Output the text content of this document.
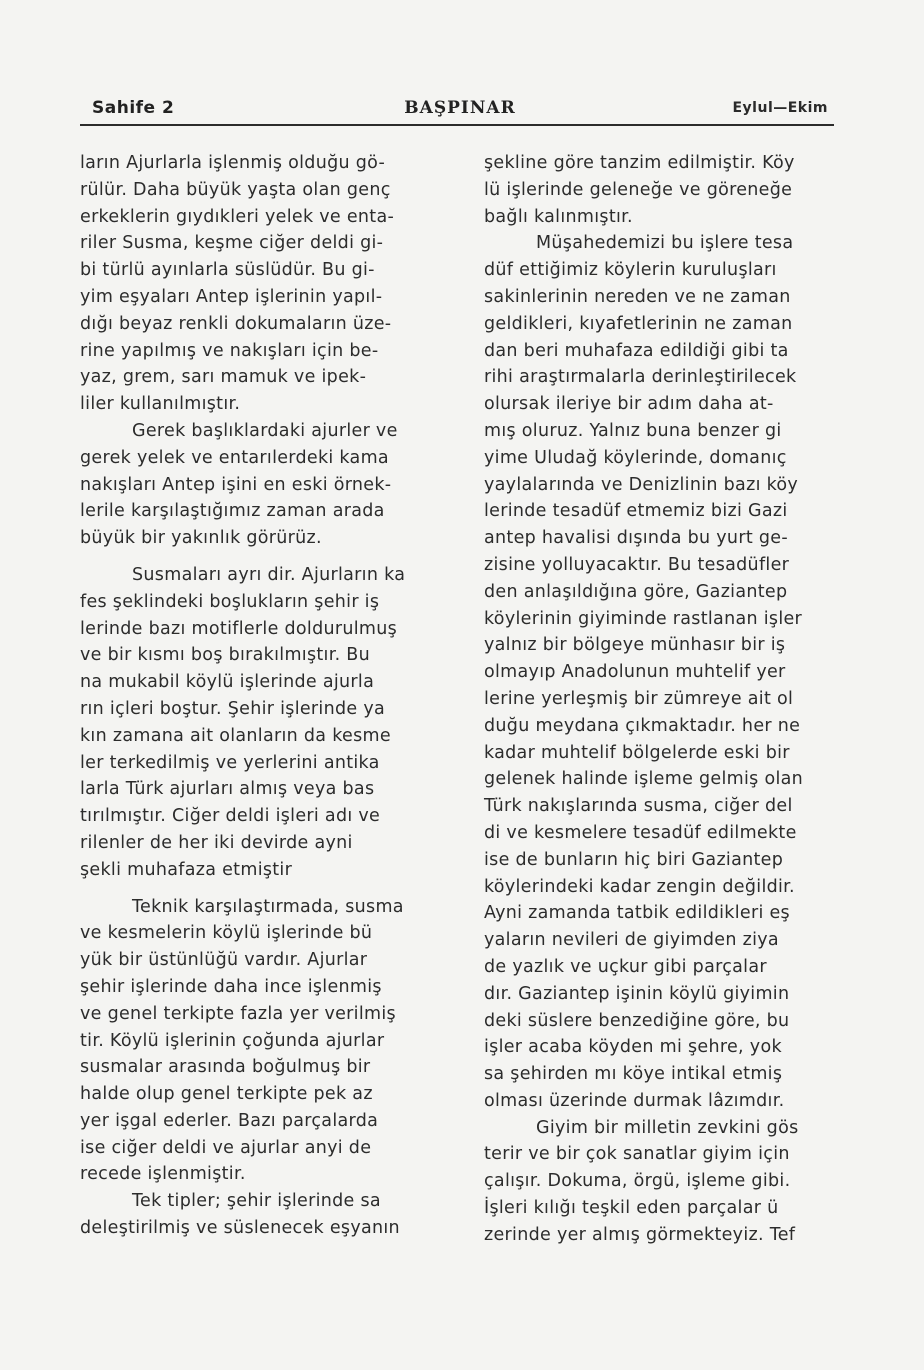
Sahife 2	BAŞPINAR	Eylul—Ekim
ların Ajurlarla işlenmiş olduğu gö-
rülür. Daha büyük yaşta olan genç
erkeklerin gıydıkleri yelek ve enta-
riler Susma, keşme ciğer deldi gi-
bi türlü ayınlarla süslüdür. Bu gi-
yim eşyaları Antep işlerinin yapıl-
dığı beyaz renkli dokumaların üze-
rine yapılmış ve nakışları için be-
yaz, grem, sarı mamuk ve ipek-
liler kullanılmıştır.
Gerek başlıklardaki ajurler ve
gerek yelek ve entarılerdeki kama
nakışları Antep işini en eski örnek-
lerile karşılaştığımız zaman arada
büyük bir yakınlık görürüz.
Susmaları ayrı dir. Ajurların ka
fes şeklindeki boşlukların şehir iş
lerinde bazı motiflerle doldurulmuş
ve bir kısmı boş bırakılmıştır. Bu
na mukabil köylü işlerinde ajurla
rın içleri boştur. Şehir işlerinde ya
kın zamana ait olanların da kesme
ler terkedilmiş ve yerlerini antika
larla Türk ajurları almış veya bas
tırılmıştır. Ciğer deldi işleri adı ve
rilenler de her iki devirde ayni
şekli muhafaza etmiştir
Teknik karşılaştırmada, susma
ve kesmelerin köylü işlerinde bü
yük bir üstünlüğü vardır. Ajurlar
şehir işlerinde daha ince işlenmiş
ve genel terkipte fazla yer verilmiş
tir. Köylü işlerinin çoğunda ajurlar
susmalar arasında boğulmuş bir
halde olup genel terkipte pek az
yer işgal ederler. Bazı parçalarda
ise ciğer deldi ve ajurlar anyi de
recede işlenmiştir.
Tek tipler; şehir işlerinde sa
deleştirilmiş ve süslenecek eşyanın
şekline göre tanzim edilmiştir. Köy
lü işlerinde geleneğe ve göreneğe
bağlı kalınmıştır.
Müşahedemizi bu işlere tesa
düf ettiğimiz köylerin kuruluşları
sakinlerinin nereden ve ne zaman
geldikleri, kıyafetlerinin ne zaman
dan beri muhafaza edildiği gibi ta
rihi araştırmalarla derinleştirilecek
olursak ileriye bir adım daha at-
mış oluruz. Yalnız buna benzer gi
yime Uludağ köylerinde, domanıç
yaylalarında ve Denizlinin bazı köy
lerinde tesadüf etmemiz bizi Gazi
antep havalisi dışında bu yurt ge-
zisine yolluyacaktır. Bu tesadüfler
den anlaşıldığına göre, Gaziantep
köylerinin giyiminde rastlanan işler
yalnız bir bölgeye münhasır bir iş
olmayıp Anadolunun muhtelif yer
lerine yerleşmiş bir zümreye ait ol
duğu meydana çıkmaktadır. her ne
kadar muhtelif bölgelerde eski bir
gelenek halinde işleme gelmiş olan
Türk nakışlarında susma, ciğer del
di ve kesmelere tesadüf edilmekte
ise de bunların hiç biri Gaziantep
köylerindeki kadar zengin değildir.
Ayni zamanda tatbik edildikleri eş
yaların nevileri de giyimden ziya
de yazlık ve uçkur gibi parçalar
dır. Gaziantep işinin köylü giyimin
deki süslere benzediğine göre, bu
işler acaba köyden mi şehre, yok
sa şehirden mı köye intikal etmiş
olması üzerinde durmak lâzımdır.
Giyim bir milletin zevkini gös
terir ve bir çok sanatlar giyim için
çalışır. Dokuma, örgü, işleme gibi.
İşleri kılığı teşkil eden parçalar ü
zerinde yer almış görmekteyiz. Tef
